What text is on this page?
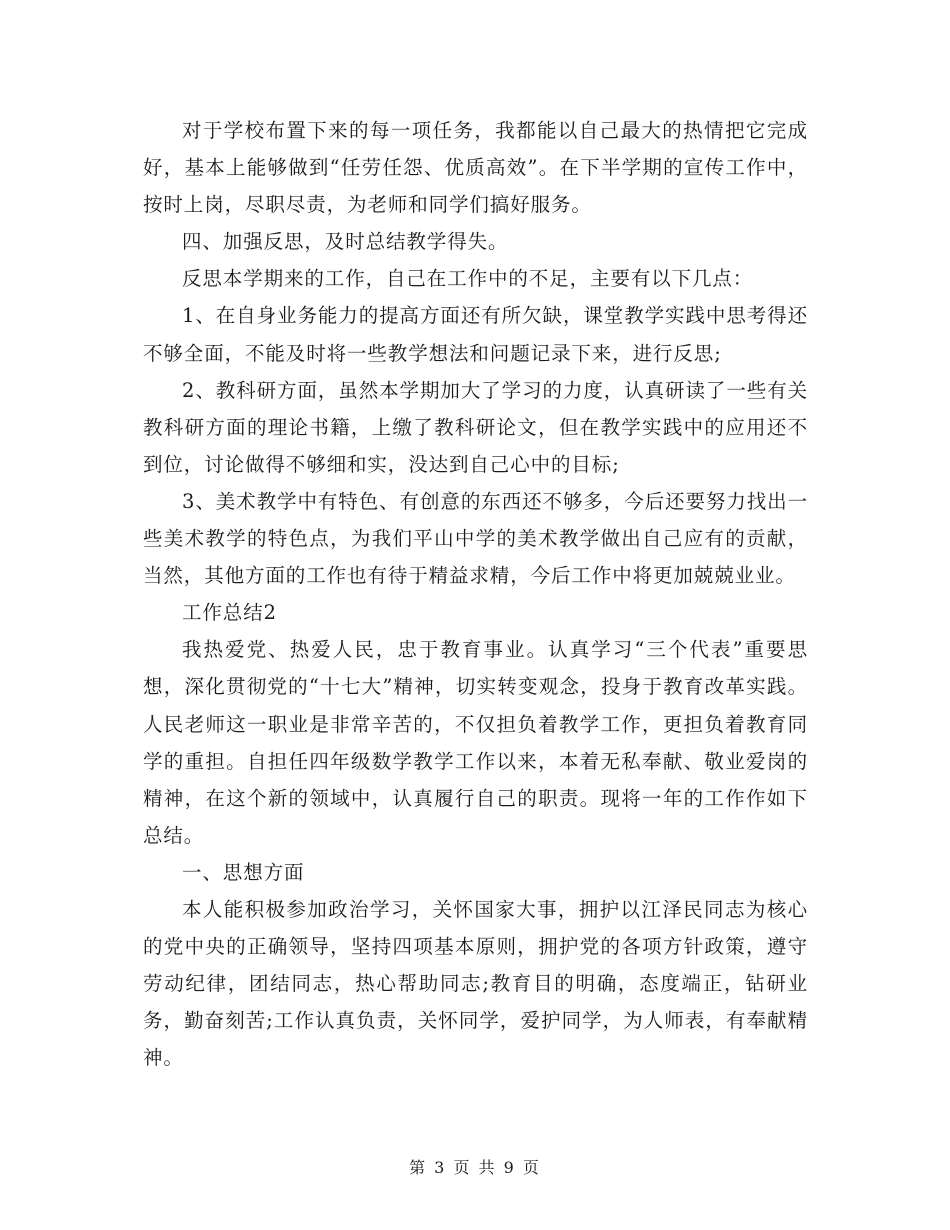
对于学校布置下来的每一项任务，我都能以自己最大的热情把它完成好，基本上能够做到“任劳任怨、优质高效”。在下半学期的宣传工作中，按时上岗，尽职尽责，为老师和同学们搞好服务。

四、加强反思，及时总结教学得失。

反思本学期来的工作，自己在工作中的不足，主要有以下几点：

1、在自身业务能力的提高方面还有所欠缺，课堂教学实践中思考得还不够全面，不能及时将一些教学想法和问题记录下来，进行反思;

2、教科研方面，虽然本学期加大了学习的力度，认真研读了一些有关教科研方面的理论书籍，上缴了教科研论文，但在教学实践中的应用还不到位，讨论做得不够细和实，没达到自己心中的目标;

3、美术教学中有特色、有创意的东西还不够多，今后还要努力找出一些美术教学的特色点，为我们平山中学的美术教学做出自己应有的贡献，当然，其他方面的工作也有待于精益求精，今后工作中将更加兢兢业业。

工作总结2

我热爱党、热爱人民，忠于教育事业。认真学习“三个代表”重要思想，深化贯彻党的“十七大”精神，切实转变观念，投身于教育改革实践。人民老师这一职业是非常辛苦的，不仅担负着教学工作，更担负着教育同学的重担。自担任四年级数学教学工作以来，本着无私奉献、敬业爱岗的精神，在这个新的领域中，认真履行自己的职责。现将一年的工作作如下总结。

一、思想方面

本人能积极参加政治学习，关怀国家大事，拥护以江泽民同志为核心的党中央的正确领导，坚持四项基本原则，拥护党的各项方针政策，遵守劳动纪律，团结同志，热心帮助同志;教育目的明确，态度端正，钻研业务，勤奋刻苦;工作认真负责，关怀同学，爱护同学，为人师表，有奉献精神。

第 3 页 共 9 页
